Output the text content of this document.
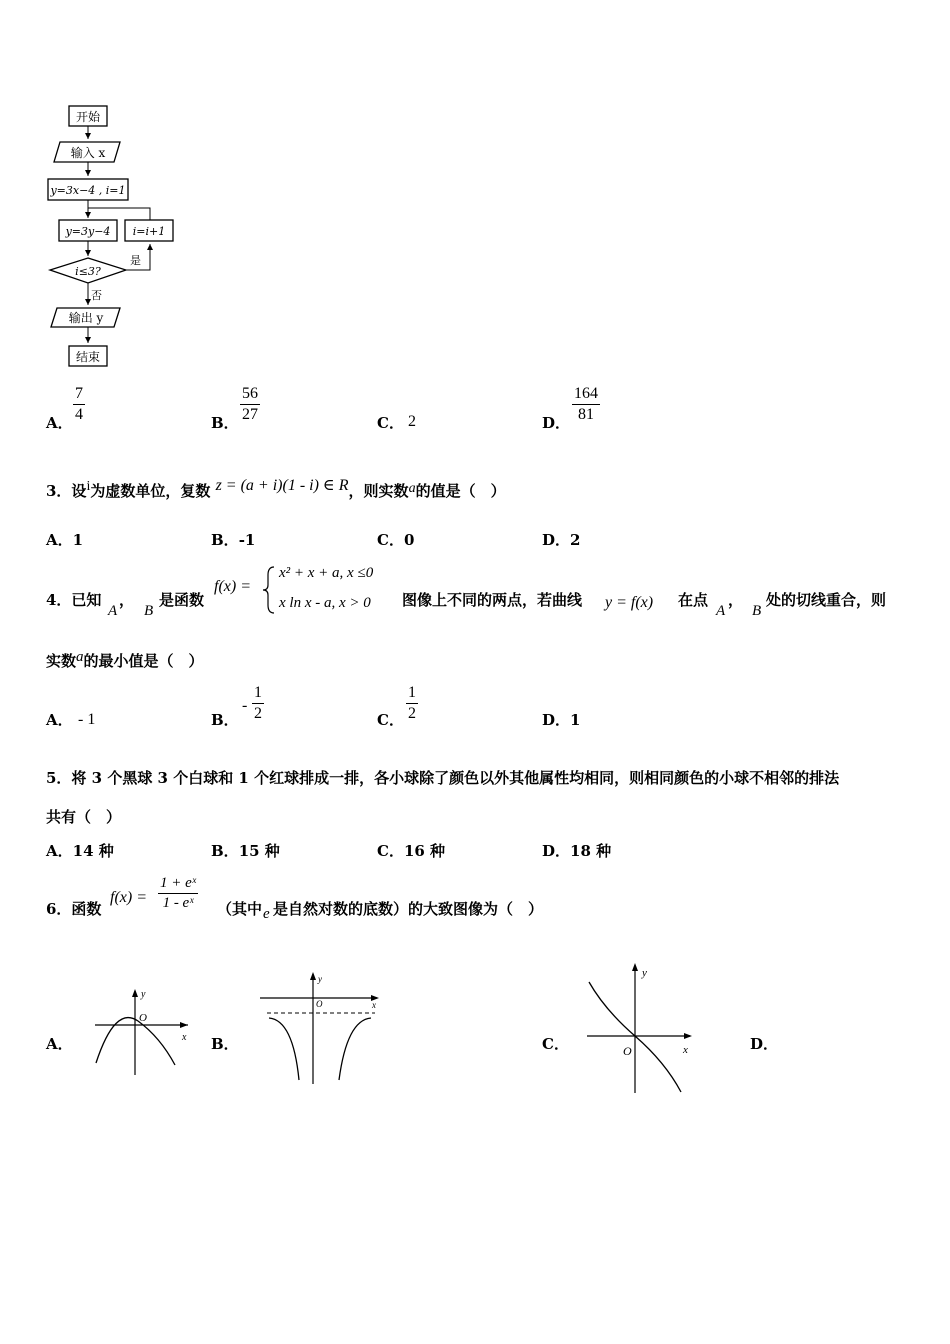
开始
输入 x
y=3x−4 , i=1
y=3y−4 i=i+1
i≤3?
是
否
输出 y
结束
A．
7
4	B．
56
27	C． 2	D．
164
81
3．设i为虚数单位，复数 z = (a + i)(1 - i) ∈ R，则实数a的值是（　）
A．1	B．-1	C．0	D．2
4．已知
A
，
B
是函数
f(x) =
x² + x + a, x ≤0
x ln x - a, x > 0 图像上不同的两点，若曲线 y = f(x) 在点
A
，
B
处的切线重合，则
实数a的最小值是（　）
A． - 1	B．
-
1
2	C．
1
2	D．1
5．将 3 个黑球 3 个白球和 1 个红球排成一排，各小球除了颜色以外其他属性均相同，则相同颜色的小球不相邻的排法
共有（　）
A．14 种	B．15 种	C．16 种	D．18 种
6．函数
f(x) =
1 + eˣ
1 - eˣ	（其中 e 是自然对数的底数）的大致图像为（　）
A．	B．	C．	D．
y
x
O
y
x
O
y
x
O
